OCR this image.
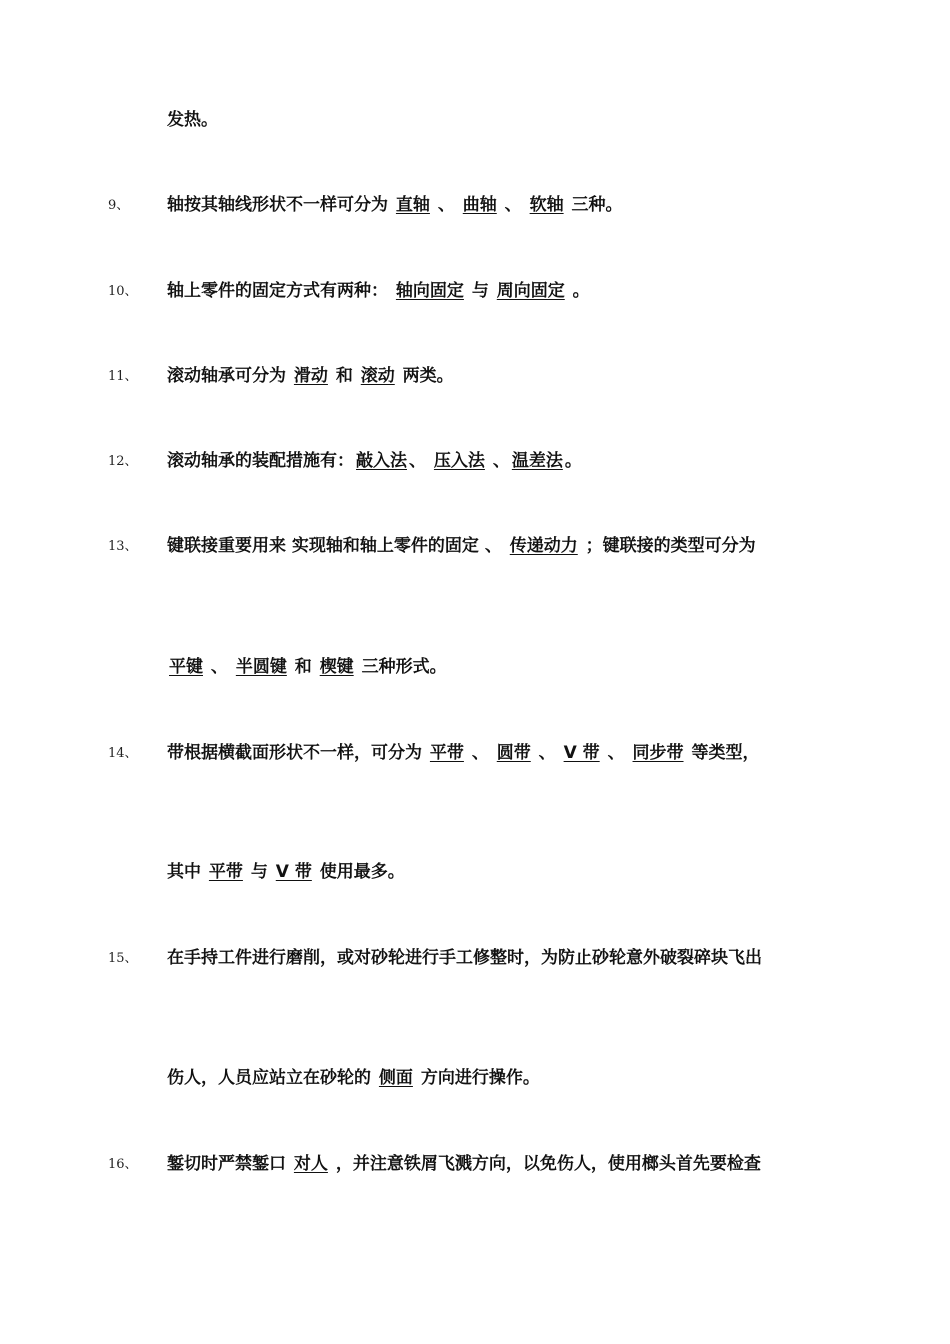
发热。
9、 轴按其轴线形状不一样可分为 直轴 、 曲轴 、 软轴 三种。
10、 轴上零件的固定方式有两种： 轴向固定 与 周向固定 。
11、 滚动轴承可分为 滑动 和 滚动 两类。
12、 滚动轴承的装配措施有： 敲入法 、 压入法 、 温差法 。
13、 键联接重要用来 实现轴和轴上零件的固定 、 传递动力 ；键联接的类型可分为
平键 、 半圆键 和 楔键 三种形式。
14、 带根据横截面形状不一样，可分为 平带 、 圆带 、 V 带 、 同步带 等类型，
其中 平带 与 V 带 使用最多。
15、 在手持工件进行磨削，或对砂轮进行手工修整时，为防止砂轮意外破裂碎块飞出
伤人，人员应站立在砂轮的 侧面 方向进行操作。
16、 錾切时严禁錾口 对人 ，并注意铁屑飞溅方向，以免伤人，使用榔头首先要检查
